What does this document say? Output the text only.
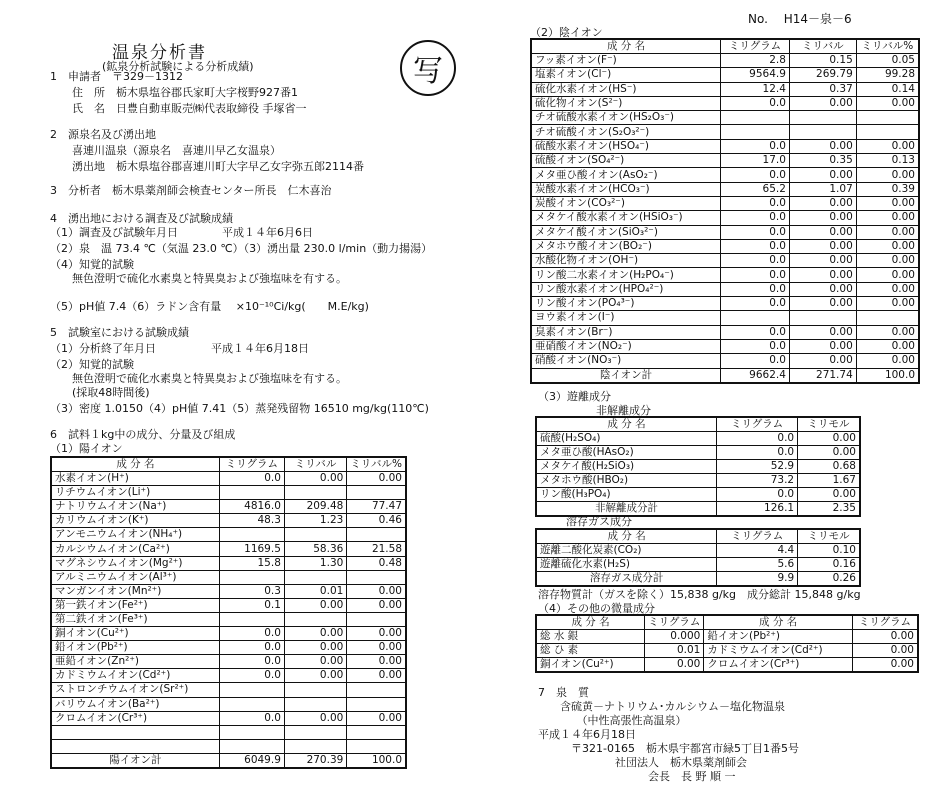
No.　 H14－泉－6
温泉分析書
(鉱泉分析試験による分析成績)	写
1　申請者　〒329－1312
　　住　所　栃木県塩谷郡氏家町大字桜野927番1
　　氏　名　日豊自動車販売㈱代表取締役 手塚省一
2　源泉名及び湧出地
　　喜連川温泉（源泉名　喜連川早乙女温泉）
　　湧出地　栃木県塩谷郡喜連川町大字早乙女字弥五郎2114番
3　分析者　栃木県薬剤師会検査センター所長　仁木喜治
4　湧出地における調査及び試験成績
（1）調査及び試験年月日　　　　平成１４年6月6日
（2）泉　温 73.4 ℃（気温 23.0 ℃）（3）湧出量 230.0 l/min（動力揚湯）
（4）知覚的試験
　　無色澄明で硫化水素臭と特異臭および強塩味を有する。
（5）pH値 7.4（6）ラドン含有量　 ×10⁻¹⁰Ci/kg(　　M.E/kg)
5　試験室における試験成績
（1）分析終了年月日　　　　　平成１４年6月18日
（2）知覚的試験
　　無色澄明で硫化水素臭と特異臭および強塩味を有する。
　　(採取48時間後)
（3）密度 1.0150（4）pH値 7.41（5）蒸発残留物 16510 mg/kg(110℃)
6　試料１kg中の成分、分量及び組成
（1）陽イオン
成 分 名	ミリグラム	ミリバル	ミリバル%
水素イオン(H⁺)	0.0	0.00	0.00
リチウムイオン(Li⁺)			
ナトリウムイオン(Na⁺)	4816.0	209.48	77.47
カリウムイオン(K⁺)	48.3	1.23	0.46
アンモニウムイオン(NH₄⁺)			
カルシウムイオン(Ca²⁺)	1169.5	58.36	21.58
マグネシウムイオン(Mg²⁺)	15.8	1.30	0.48
アルミニウムイオン(Al³⁺)			
マンガンイオン(Mn²⁺)	0.3	0.01	0.00
第一鉄イオン(Fe²⁺)	0.1	0.00	0.00
第二鉄イオン(Fe³⁺)			
銅イオン(Cu²⁺)	0.0	0.00	0.00
鉛イオン(Pb²⁺)	0.0	0.00	0.00
亜鉛イオン(Zn²⁺)	0.0	0.00	0.00
カドミウムイオン(Cd²⁺)	0.0	0.00	0.00
ストロンチウムイオン(Sr²⁺)			
バリウムイオン(Ba²⁺)			
クロムイオン(Cr³⁺)	0.0	0.00	0.00

陽イオン計	6049.9	270.39	100.0
（2）陰イオン
成 分 名	ミリグラム	ミリバル	ミリバル%
フッ素イオン(F⁻)	2.8	0.15	0.05
塩素イオン(Cl⁻)	9564.9	269.79	99.28
硫化水素イオン(HS⁻)	12.4	0.37	0.14
硫化物イオン(S²⁻)	0.0	0.00	0.00
チオ硫酸水素イオン(HS₂O₃⁻)			
チオ硫酸イオン(S₂O₃²⁻)			
硫酸水素イオン(HSO₄⁻)	0.0	0.00	0.00
硫酸イオン(SO₄²⁻)	17.0	0.35	0.13
メタ亜ひ酸イオン(AsO₂⁻)	0.0	0.00	0.00
炭酸水素イオン(HCO₃⁻)	65.2	1.07	0.39
炭酸イオン(CO₃²⁻)	0.0	0.00	0.00
メタケイ酸水素イオン(HSiO₃⁻)	0.0	0.00	0.00
メタケイ酸イオン(SiO₃²⁻)	0.0	0.00	0.00
メタホウ酸イオン(BO₂⁻)	0.0	0.00	0.00
水酸化物イオン(OH⁻)	0.0	0.00	0.00
リン酸二水素イオン(H₂PO₄⁻)	0.0	0.00	0.00
リン酸水素イオン(HPO₄²⁻)	0.0	0.00	0.00
リン酸イオン(PO₄³⁻)	0.0	0.00	0.00
ヨウ素イオン(I⁻)			
臭素イオン(Br⁻)	0.0	0.00	0.00
亜硝酸イオン(NO₂⁻)	0.0	0.00	0.00
硝酸イオン(NO₃⁻)	0.0	0.00	0.00
陰イオン計	9662.4	271.74	100.0
（3）遊離成分
非解離成分
成 分 名	ミリグラム	ミリモル
硫酸(H₂SO₄)	0.0	0.00
メタ亜ひ酸(HAsO₂)	0.0	0.00
メタケイ酸(H₂SiO₃)	52.9	0.68
メタホウ酸(HBO₂)	73.2	1.67
リン酸(H₃PO₄)	0.0	0.00
非解離成分計	126.1	2.35
溶存ガス成分
成 分 名	ミリグラム	ミリモル
遊離二酸化炭素(CO₂)	4.4	0.10
遊離硫化水素(H₂S)	5.6	0.16
溶存ガス成分計	9.9	0.26
溶存物質計（ガスを除く）15,838 g/kg　成分総計 15,848 g/kg
（4）その他の微量成分
成 分 名	ミリグラム	成 分 名	ミリグラム
総 水 銀	0.000	鉛イオン(Pb²⁺)	0.00
総 ひ 素	0.01	カドミウムイオン(Cd²⁺)	0.00
銅イオン(Cu²⁺)	0.00	クロムイオン(Cr³⁺)	0.00
7　泉　質
　　含硫黄－ナトリウム･カルシウム－塩化物温泉
　　　　（中性高張性高温泉）
平成１４年6月18日
　　　〒321-0165　栃木県宇都宮市緑5丁目1番5号
　　　　　　　社団法人　栃木県薬剤師会
　　　　　　　　　　会長　長 野 順 一
